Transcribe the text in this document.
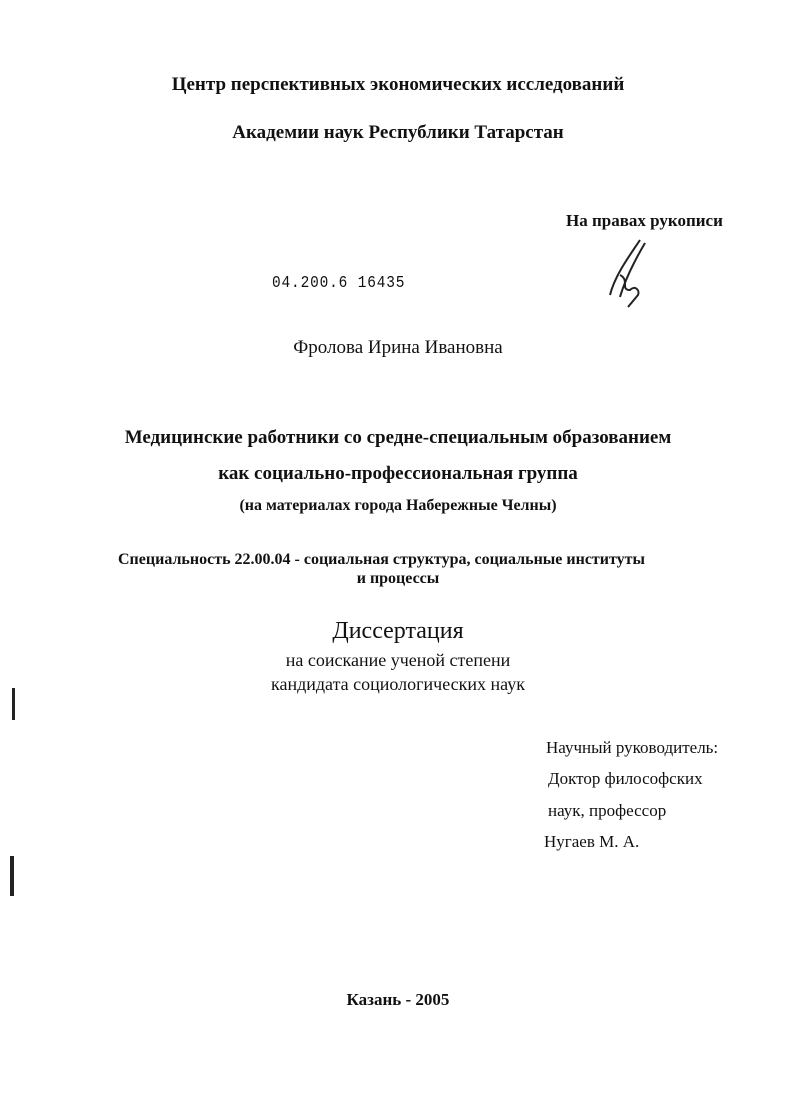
Центр перспективных экономических исследований
Академии наук Республики Татарстан
На правах рукописи
04.200.6 16435
Фролова Ирина Ивановна
Медицинские работники со средне-специальным образованием
как социально-профессиональная группа
(на материалах города Набережные Челны)
Специальность 22.00.04 - социальная структура, социальные институты
и процессы
Диссертация
на соискание ученой степени
кандидата социологических наук
Научный руководитель:
Доктор философских
наук, профессор
Нугаев М. А.
Казань - 2005
